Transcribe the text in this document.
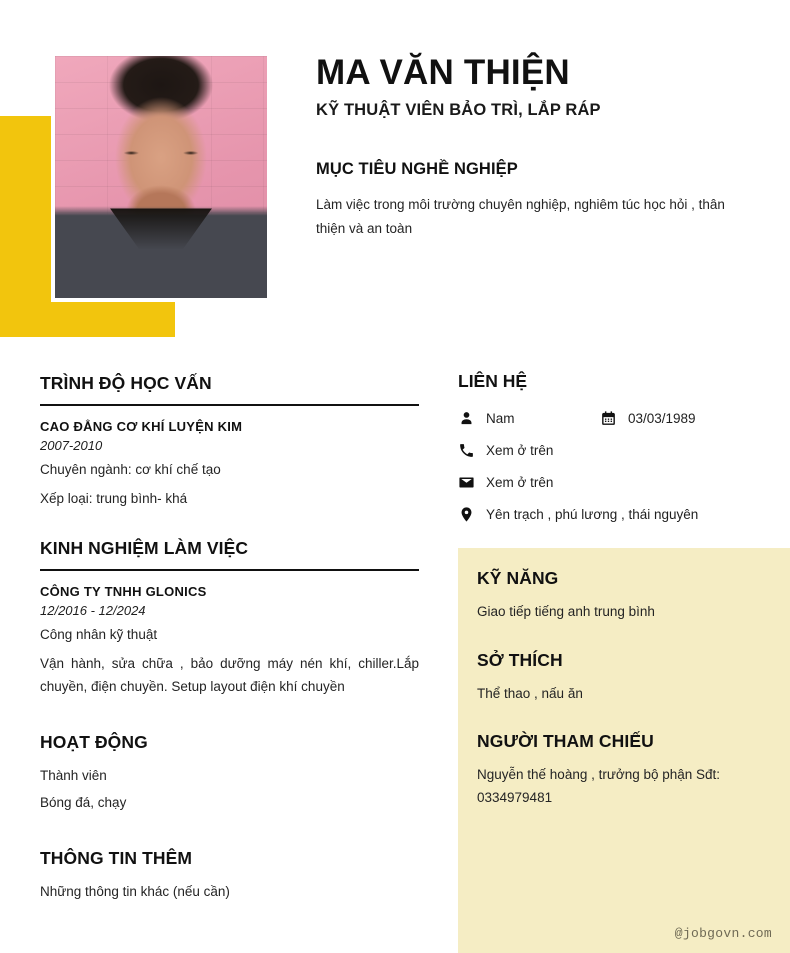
MA VĂN THIỆN
KỸ THUẬT VIÊN BẢO TRÌ, LẮP RÁP
MỤC TIÊU NGHỀ NGHIỆP
Làm việc trong môi trường chuyên nghiệp, nghiêm túc học hỏi , thân thiện và an toàn
TRÌNH ĐỘ HỌC VẤN
CAO ĐẲNG CƠ KHÍ LUYỆN KIM
2007-2010
Chuyên ngành: cơ khí chế tạo
Xếp loại: trung bình- khá
KINH NGHIỆM LÀM VIỆC
CÔNG TY TNHH GLONICS
12/2016 - 12/2024
Công nhân kỹ thuật
Vận hành, sửa chữa , bảo dưỡng máy nén khí, chiller.Lắp chuyền, điện chuyền. Setup layout điện khí chuyền
HOẠT ĐỘNG
Thành viên
Bóng đá, chạy
THÔNG TIN THÊM
Những thông tin khác (nếu cần)
LIÊN HỆ
Nam	03/03/1989
Xem ở trên
Xem ở trên
Yên trạch , phú lương , thái nguyên
KỸ NĂNG
Giao tiếp tiếng anh trung bình
SỞ THÍCH
Thể thao , nấu ăn
NGƯỜI THAM CHIẾU
Nguyễn thế hoàng , trưởng bộ phận Sđt: 0334979481
@jobgovn.com
